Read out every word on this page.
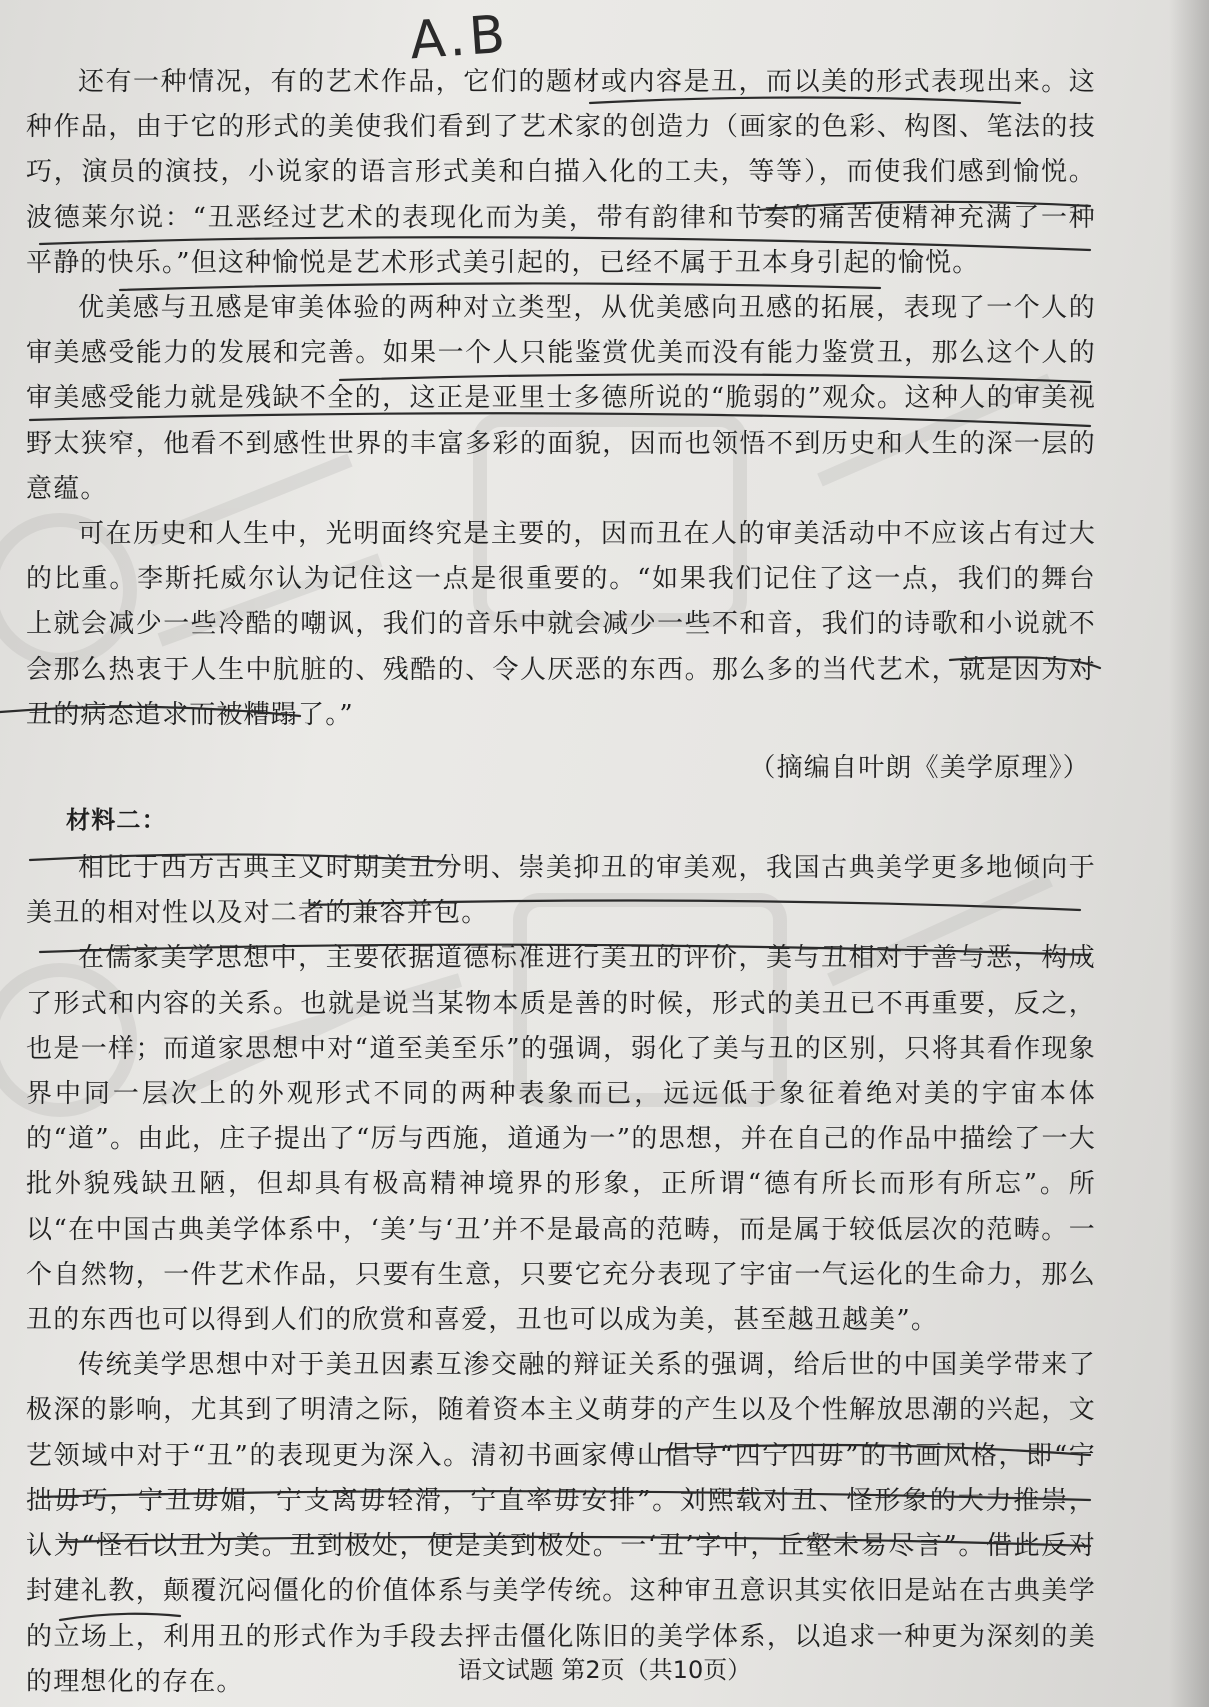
A.B

还有一种情况，有的艺术作品，它们的题材或内容是丑，而以美的形式表现出来。这种作品，由于它的形式的美使我们看到了艺术家的创造力（画家的色彩、构图、笔法的技巧，演员的演技，小说家的语言形式美和白描入化的工夫，等等），而使我们感到愉悦。波德莱尔说：“丑恶经过艺术的表现化而为美，带有韵律和节奏的痛苦使精神充满了一种平静的快乐。”但这种愉悦是艺术形式美引起的，已经不属于丑本身引起的愉悦。

优美感与丑感是审美体验的两种对立类型，从优美感向丑感的拓展，表现了一个人的审美感受能力的发展和完善。如果一个人只能鉴赏优美而没有能力鉴赏丑，那么这个人的审美感受能力就是残缺不全的，这正是亚里士多德所说的“脆弱的”观众。这种人的审美视野太狭窄，他看不到感性世界的丰富多彩的面貌，因而也领悟不到历史和人生的深一层的意蕴。

可在历史和人生中，光明面终究是主要的，因而丑在人的审美活动中不应该占有过大的比重。李斯托威尔认为记住这一点是很重要的。“如果我们记住了这一点，我们的舞台上就会减少一些冷酷的嘲讽，我们的音乐中就会减少一些不和音，我们的诗歌和小说就不会那么热衷于人生中肮脏的、残酷的、令人厌恶的东西。那么多的当代艺术，就是因为对丑的病态追求而被糟蹋了。”

（摘编自叶朗《美学原理》）
材料二：

相比于西方古典主义时期美丑分明、崇美抑丑的审美观，我国古典美学更多地倾向于美丑的相对性以及对二者的兼容并包。

在儒家美学思想中，主要依据道德标准进行美丑的评价，美与丑相对于善与恶，构成了形式和内容的关系。也就是说当某物本质是善的时候，形式的美丑已不再重要，反之，也是一样；而道家思想中对“道至美至乐”的强调，弱化了美与丑的区别，只将其看作现象界中同一层次上的外观形式不同的两种表象而已，远远低于象征着绝对美的宇宙本体的“道”。由此，庄子提出了“厉与西施，道通为一”的思想，并在自己的作品中描绘了一大批外貌残缺丑陋，但却具有极高精神境界的形象，正所谓“德有所长而形有所忘”。所以“在中国古典美学体系中，‘美’与‘丑’并不是最高的范畴，而是属于较低层次的范畴。一个自然物，一件艺术作品，只要有生意，只要它充分表现了宇宙一气运化的生命力，那么丑的东西也可以得到人们的欣赏和喜爱，丑也可以成为美，甚至越丑越美”。

传统美学思想中对于美丑因素互渗交融的辩证关系的强调，给后世的中国美学带来了极深的影响，尤其到了明清之际，随着资本主义萌芽的产生以及个性解放思潮的兴起，文艺领域中对于“丑”的表现更为深入。清初书画家傅山倡导“四宁四毋”的书画风格，即“宁拙毋巧，宁丑毋媚，宁支离毋轻滑，宁直率毋安排”。刘熙载对丑、怪形象的大力推崇，认为“怪石以丑为美。丑到极处，便是美到极处。一‘丑’字中，丘壑未易尽言”。借此反对封建礼教，颠覆沉闷僵化的价值体系与美学传统。这种审丑意识其实依旧是站在古典美学的立场上，利用丑的形式作为手段去抨击僵化陈旧的美学体系，以追求一种更为深刻的美的理想化的存在。	语文试题 第2页（共10页）
